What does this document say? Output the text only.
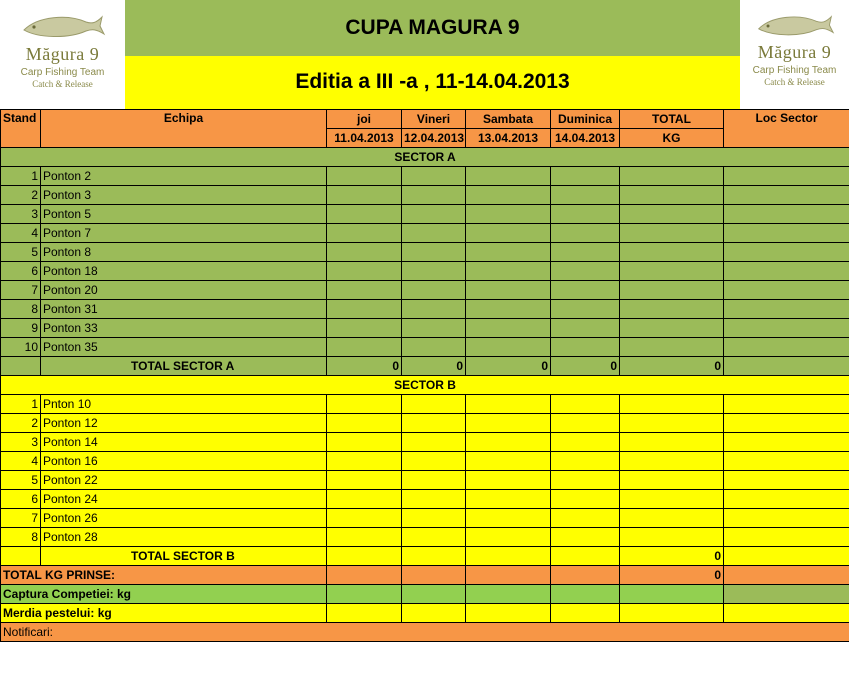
Măgura 9
Carp Fishing Team
Catch & Release
CUPA MAGURA 9
Editia a III -a , 11-14.04.2013
Măgura 9
Carp Fishing Team
Catch & Release
Stand	Echipa	joi	Vineri	Sambata	Duminica	TOTAL	Loc Sector
		11.04.2013	12.04.2013	13.04.2013	14.04.2013	KG	
SECTOR A							
1	Ponton 2						
2	Ponton 3						
3	Ponton 5						
4	Ponton 7						
5	Ponton 8						
6	Ponton 18						
7	Ponton 20						
8	Ponton 31						
9	Ponton 33						
10	Ponton 35						
	TOTAL SECTOR A	0	0	0	0	0	
SECTOR B							
1	Pnton 10						
2	Ponton 12						
3	Ponton 14						
4	Ponton 16						
5	Ponton 22						
6	Ponton 24						
7	Ponton 26						
8	Ponton 28						
	TOTAL SECTOR B					0	
TOTAL KG PRINSE:						0	
Captura Competiei: kg							
Merdia pestelui: kg							
Notificari:							
